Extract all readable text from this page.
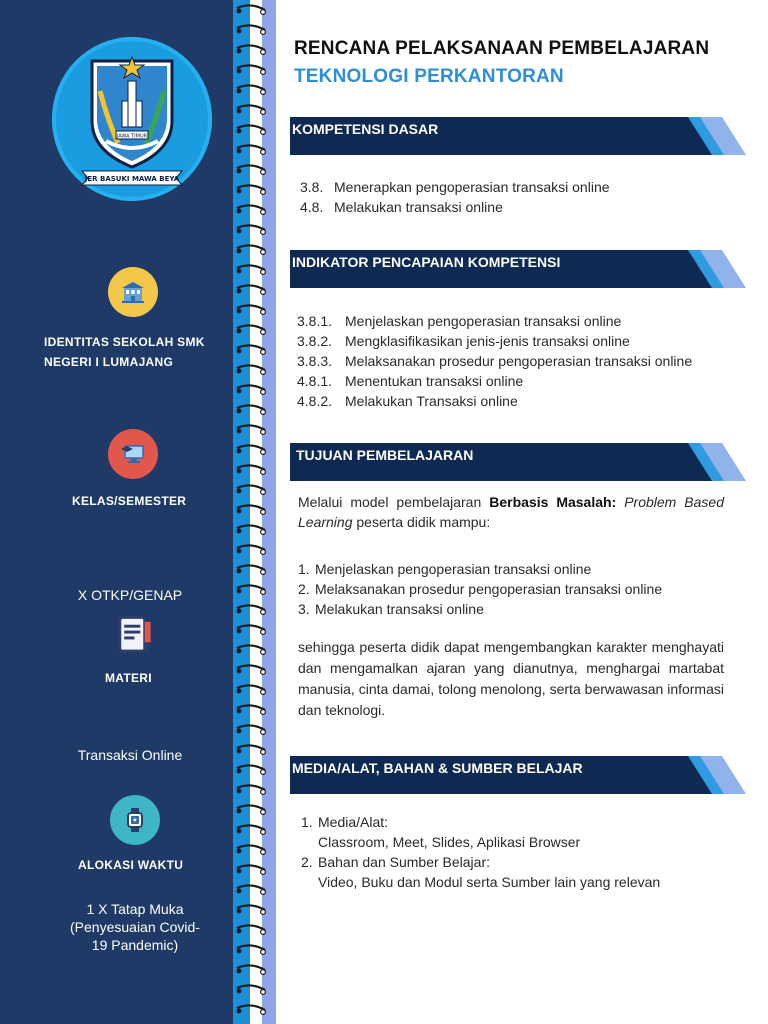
JAWA TIMUR
JER BASUKI MAWA BEYA
IDENTITAS SEKOLAH SMK
NEGERI I LUMAJANG
KELAS/SEMESTER
X OTKP/GENAP
MATERI
Transaksi Online
ALOKASI WAKTU
1 X Tatap Muka
(Penyesuaian Covid-
19 Pandemic)
RENCANA PELAKSANAAN PEMBELAJARAN
TEKNOLOGI PERKANTORAN
KOMPETENSI DASAR
3.8. Menerapkan pengoperasian transaksi online
4.8. Melakukan transaksi online
INDIKATOR PENCAPAIAN KOMPETENSI
3.8.1. Menjelaskan pengoperasian transaksi online
3.8.2. Mengklasifikasikan jenis-jenis transaksi online
3.8.3. Melaksanakan prosedur pengoperasian transaksi online
4.8.1. Menentukan transaksi online
4.8.2. Melakukan Transaksi online
TUJUAN PEMBELAJARAN
Melalui model pembelajaran Berbasis Masalah: Problem Based Learning peserta didik mampu:
1. Menjelaskan pengoperasian transaksi online
2. Melaksanakan prosedur pengoperasian transaksi online
3. Melakukan transaksi online
sehingga peserta didik dapat mengembangkan karakter menghayati dan mengamalkan ajaran yang dianutnya, menghargai martabat manusia, cinta damai, tolong menolong, serta berwawasan informasi dan teknologi.
MEDIA/ALAT, BAHAN & SUMBER BELAJAR
1. Media/Alat:
Classroom, Meet, Slides, Aplikasi Browser
2. Bahan dan Sumber Belajar:
Video, Buku dan Modul serta Sumber lain yang relevan
